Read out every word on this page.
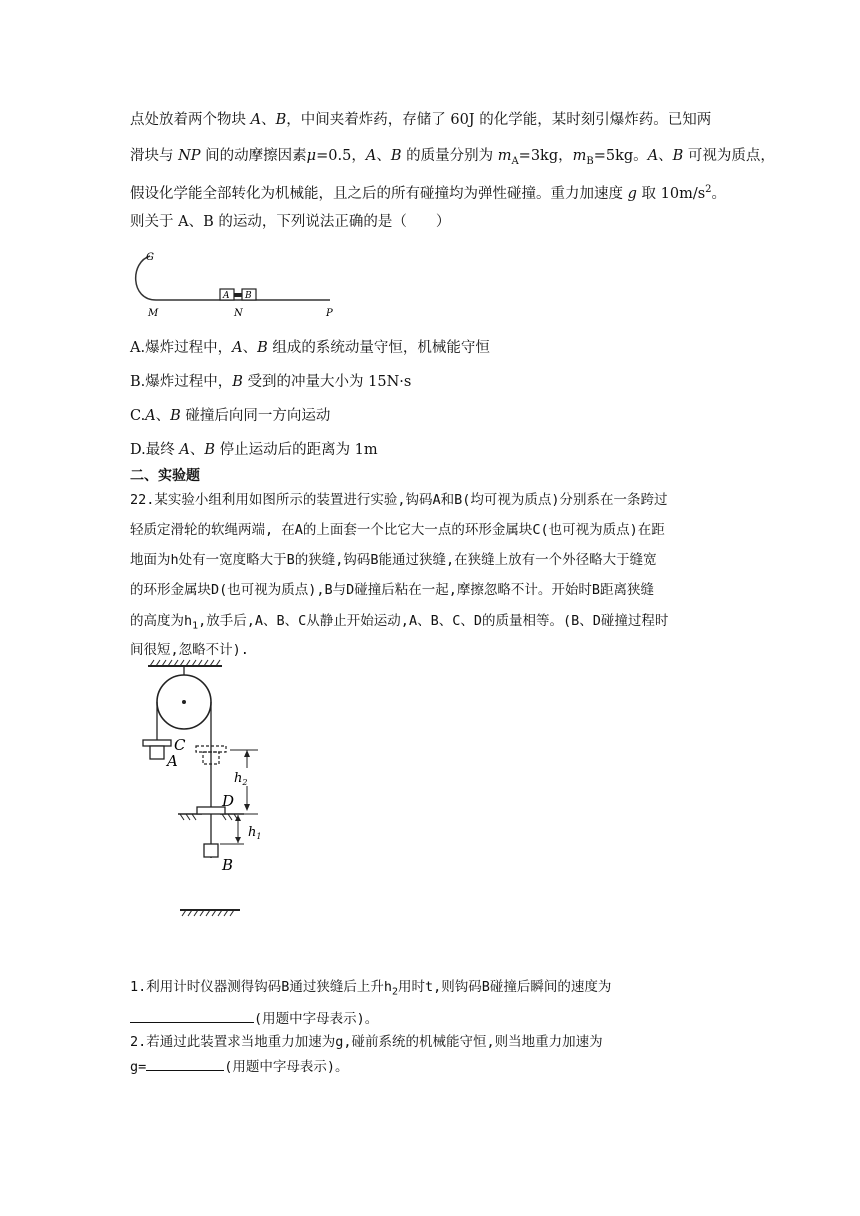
点处放着两个物块 A、B，中间夹着炸药，存储了 60J 的化学能，某时刻引爆炸药。已知两
滑块与 NP 间的动摩擦因素μ=0.5，A、B 的质量分别为 $m_A=3kg$，$m_B=5kg$。A、B 可视为质点，
假设化学能全部转化为机械能，且之后的所有碰撞均为弹性碰撞。重力加速度 g 取 $10m/s^2$。
则关于 A、B 的运动，下列说法正确的是（　　）
G
A B
M	N	P
A.爆炸过程中，A、B 组成的系统动量守恒，机械能守恒
B.爆炸过程中，B 受到的冲量大小为 15N·s
C.A、B 碰撞后向同一方向运动
D.最终 A、B 停止运动后的距离为 1m
二、实验题
22.某实验小组利用如图所示的装置进行实验,钩码A和B(均可视为质点)分别系在一条跨过
轻质定滑轮的软绳两端, 在A的上面套一个比它大一点的环形金属块C(也可视为质点)在距
地面为h处有一宽度略大于B的狭缝,钩码B能通过狭缝,在狭缝上放有一个外径略大于缝宽
的环形金属块D(也可视为质点),B与D碰撞后粘在一起,摩擦忽略不计。开始时B距离狭缝
的高度为$h_1$,放手后,A、B、C从静止开始运动,A、B、C、D的质量相等。(B、D碰撞过程时
间很短,忽略不计).
C
A
D
B
$h_2$
$h_1$
1.利用计时仪器测得钩码B通过狭缝后上升$h_2$用时t,则钩码B碰撞后瞬间的速度为
(用题中字母表示)。
2.若通过此装置求当地重力加速为g,碰前系统的机械能守恒,则当地重力加速为
g=	(用题中字母表示)。
